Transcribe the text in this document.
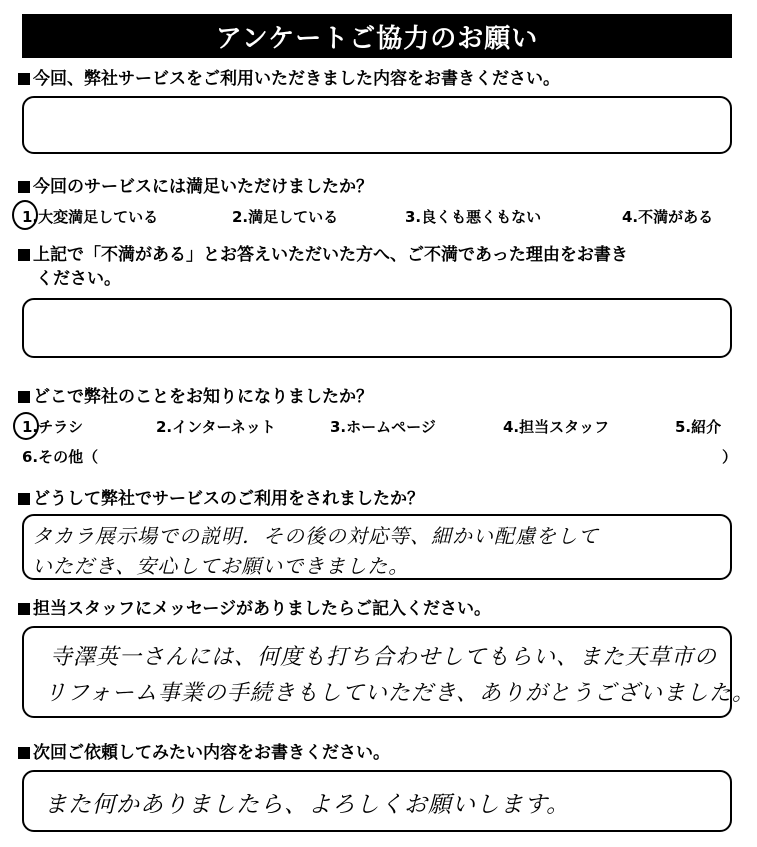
アンケートご協力のお願い
今回、弊社サービスをご利用いただきました内容をお書きください。
今回のサービスには満足いただけましたか？
1.大変満足している	2.満足している	3.良くも悪くもない	4.不満がある
上記で「不満がある」とお答えいただいた方へ、ご不満であった理由をお書き
ください。
どこで弊社のことをお知りになりましたか？
1.チラシ	2.インターネット	3.ホームページ	4.担当スタッフ	5.紹介
6.その他（	）
どうして弊社でサービスのご利用をされましたか？
タカラ展示場での説明．その後の対応等、細かい配慮をして
いただき、安心してお願いできました。
担当スタッフにメッセージがありましたらご記入ください。
寺澤英一さんには、何度も打ち合わせしてもらい、また天草市の
リフォーム事業の手続きもしていただき、ありがとうございました。
次回ご依頼してみたい内容をお書きください。
また何かありましたら、よろしくお願いします。
